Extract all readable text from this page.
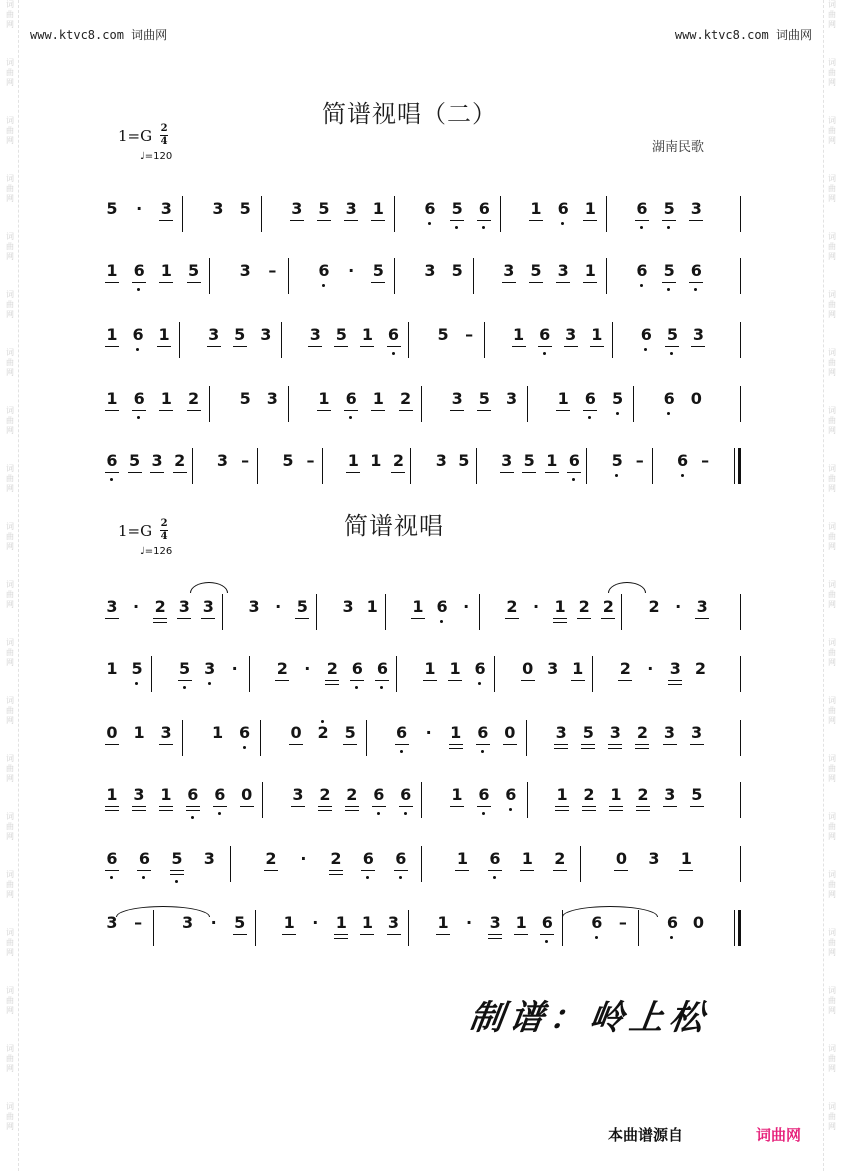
词
曲
网
词
曲
网
词
曲
网
词
曲
网
词
曲
网
词
曲
网
词
曲
网
词
曲
网
词
曲
网
词
曲
网
词
曲
网
词
曲
网
词
曲
网
词
曲
网
词
曲
网
词
曲
网
词
曲
网
词
曲
网
词
曲
网
词
曲
网
词
曲
网
词
曲
网
词
曲
网
词
曲
网
词
曲
网
词
曲
网
词
曲
网
词
曲
网
词
曲
网
词
曲
网
词
曲
网
词
曲
网
词
曲
网
词
曲
网
词
曲
网
词
曲
网
词
曲
网
词
曲
网
词
曲
网
词
曲
网
www.ktvc8.com 词曲网	www.ktvc8.com 词曲网
简谱视唱（二）
$1=G \frac{2}{4}$
♩=120
湖南民歌
简谱视唱
$1=G \frac{2}{4}$
♩=126
5	·	3	3 5	3 5 3 1	6 5 6	1 6 1	6 5 3
1 6 1 5	3 –	6	·	5	3 5	3 5 3 1	6 5 6
1 6 1 3 5 3 3 5 1 6 5 – 1 6 3 1 6 5 3
1 6 1 2	5 3	1 6 1 2	3 5 3	1 6 5	6 0
6 5 3 2 3 – 5 – 1 1 2 3 5 3 5 1 6 5 – 6 –
3 · 2 3 3 3 · 5 3 1 1 6 ·	2 · 1 2 2 2 · 3
1 5 5 3	·	2	·	2 6 6 1 1 6 0 3 1 2	·	3 2
0 1 3	1 6	0 2 5	6	·	1 6 0	3 5 3 2 3 3
1 3 1 6 6 0	3 2 2 6 6	1 6 6	1 2 1 2 3 5
6 6 5 3	2	·	2 6 6	1 6 1 2	0 3 1
3 – 3	·	5 1	·	1 1 3 1	·	3 1 6 6 – 6 0
制谱：岭上松
本曲谱源自	词曲网
